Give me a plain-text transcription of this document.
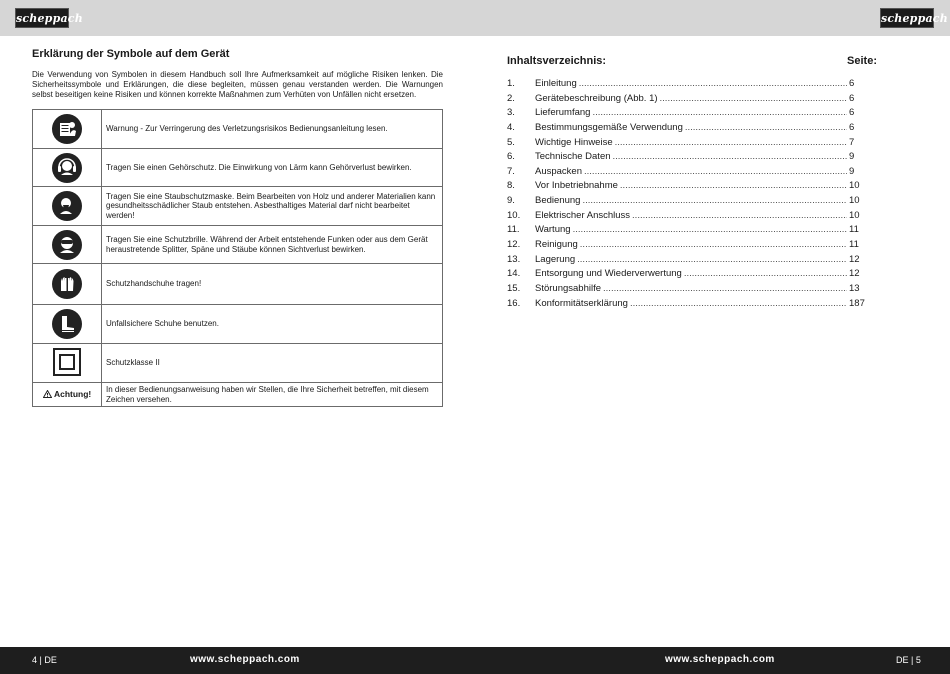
scheppach	scheppach
Erklärung der Symbole auf dem Gerät
Die Verwendung von Symbolen in diesem Handbuch soll Ihre Aufmerksamkeit auf mögliche Risiken lenken. Die Sicherheitssymbole und Erklärungen, die diese begleiten, müssen genau verstanden werden. Die Warnungen selbst beseitigen keine Risiken und können korrekte Maßnahmen zum Verhüten von Unfällen nicht ersetzen.
	Warnung - Zur Verringerung des Verletzungsrisikos Bedienungsanleitung lesen.

	Tragen Sie einen Gehörschutz. Die Einwirkung von Lärm kann Gehörverlust bewirken.

	Tragen Sie eine Staubschutzmaske. Beim Bearbeiten von Holz und anderer Materialien kann gesundheitsschädlicher Staub entstehen. Asbesthaltiges Material darf nicht bearbeitet werden!

	Tragen Sie eine Schutzbrille. Während der Arbeit entstehende Funken oder aus dem Gerät heraustretende Splitter, Späne und Stäube können Sichtverlust bewirken.

	Schutzhandschuhe tragen!

	Unfallsichere Schuhe benutzen.
	Schutzklasse II
Achtung!	In dieser Bedienungsanweisung haben wir Stellen, die Ihre Sicherheit betreffen, mit diesem Zeichen versehen.
Inhaltsverzeichnis:	Seite:
1.	Einleitung .....	6
2.	Gerätebeschreibung (Abb. 1) .....	6
3.	Lieferumfang .....	6
4.	Bestimmungsgemäße Verwendung .....	6
5.	Wichtige Hinweise .....	7
6.	Technische Daten .....	9
7.	Auspacken .....	9
8.	Vor Inbetriebnahme .....	10
9.	Bedienung .....	10
10.	Elektrischer Anschluss .....	10
11.	Wartung .....	11
12.	Reinigung .....	11
13.	Lagerung .....	12
14.	Entsorgung und Wiederverwertung .....	12
15.	Störungsabhilfe .....	13
16.	Konformitätserklärung .....	187
4 | DE	www.scheppach.com	www.scheppach.com	DE | 5
